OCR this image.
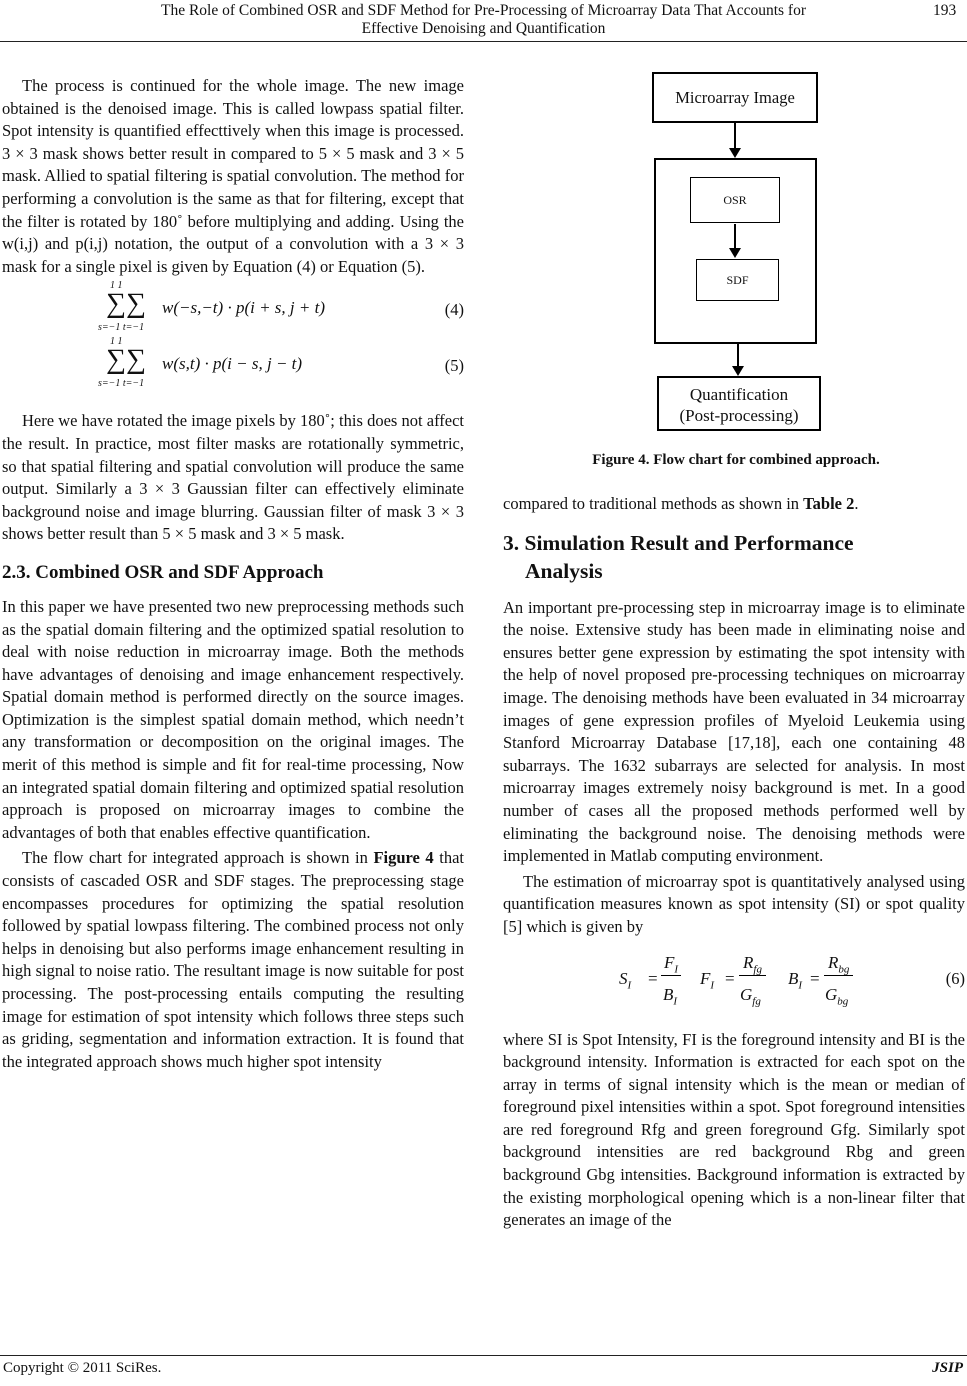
The Role of Combined OSR and SDF Method for Pre-Processing of Microarray Data That Accounts for
Effective Denoising and Quantification
193

The process is continued for the whole image. The new image obtained is the denoised image. This is called lowpass spatial filter. Spot intensity is quantified effecttively when this image is processed. 3 × 3 mask shows better result in compared to 5 × 5 mask and 3 × 5 mask. Allied to spatial filtering is spatial convolution. The method for performing a convolution is the same as that for filtering, except that the filter is rotated by 180˚ before multiplying and adding. Using the w(i,j) and p(i,j) notation, the output of a convolution with a 3 × 3 mask for a single pixel is given by Equation (4) or Equation (5).

1 1
∑∑
s=−1 t=−1
w(−s,−t) · p(i + s, j + t)	(4)
1 1
∑∑
s=−1 t=−1
w(s,t) · p(i − s, j − t)	(5)

Here we have rotated the image pixels by 180˚; this does not affect the result. In practice, most filter masks are rotationally symmetric, so that spatial filtering and spatial convolution will produce the same output. Similarly a 3 × 3 Gaussian filter can effectively eliminate background noise and image blurring. Gaussian filter of mask 3 × 3 shows better result than 5 × 5 mask and 3 × 5 mask.

2.3. Combined OSR and SDF Approach

In this paper we have presented two new preprocessing methods such as the spatial domain filtering and the optimized spatial resolution to deal with noise reduction in microarray image. Both the methods have advantages of denoising and image enhancement respectively. Spatial domain method is performed directly on the source images. Optimization is the simplest spatial domain method, which needn’t any transformation or decomposition on the original images. The merit of this method is simple and fit for real-time processing, Now an integrated spatial domain filtering and optimized spatial resolution approach is proposed on microarray images to combine the advantages of both that enables effective quantification.

The flow chart for integrated approach is shown in Figure 4 that consists of cascaded OSR and SDF stages. The preprocessing stage encompasses procedures for optimizing the spatial resolution followed by spatial lowpass filtering. The combined process not only helps in denoising but also performs image enhancement resulting in high signal to noise ratio. The resultant image is now suitable for post processing. The post-processing entails computing the resulting image for estimation of spot intensity which follows three steps such as griding, segmentation and information extraction. It is found that the integrated approach shows much higher spot intensity

Microarray Image
OSR
SDF
Quantification
(Post-processing)
Figure 4. Flow chart for combined approach.

compared to traditional methods as shown in Table 2.

3. Simulation Result and Performance

Analysis

An important pre-processing step in microarray image is to eliminate the noise. Extensive study has been made in eliminating noise and ensures better gene expression by estimating the spot intensity with the help of novel proposed pre-processing techniques on microarray image. The denoising methods have been evaluated in 34 microarray images of gene expression profiles of Myeloid Leukemia using Stanford Microarray Database [17,18], each one containing 48 subarrays. The 1632 subarrays are selected for analysis. In most microarray images extremely noisy background is met. In a good number of cases all the proposed methods performed well by eliminating the background noise. The denoising methods were implemented in Matlab computing environment.

The estimation of microarray spot is quantitatively analysed using quantification measures known as spot intensity (SI) or spot quality [5] which is given by

$S_I$ =
$F_I$
$B_I$
$F_I$ =
$R_{fg}$
$G_{fg}$
$B_I$ =
$R_{bg}$
$G_{bg}$
(6)

where SI is Spot Intensity, FI is the foreground intensity and BI is the background intensity. Information is extracted for each spot on the array in terms of signal intensity which is the mean or median of foreground pixel intensities within a spot. Spot foreground intensities are red foreground Rfg and green foreground Gfg. Similarly spot background intensities are red background Rbg and green background Gbg intensities. Background information is extracted by the existing morphological opening which is a non-linear filter that generates an image of the

Copyright © 2011 SciRes.	JSIP
